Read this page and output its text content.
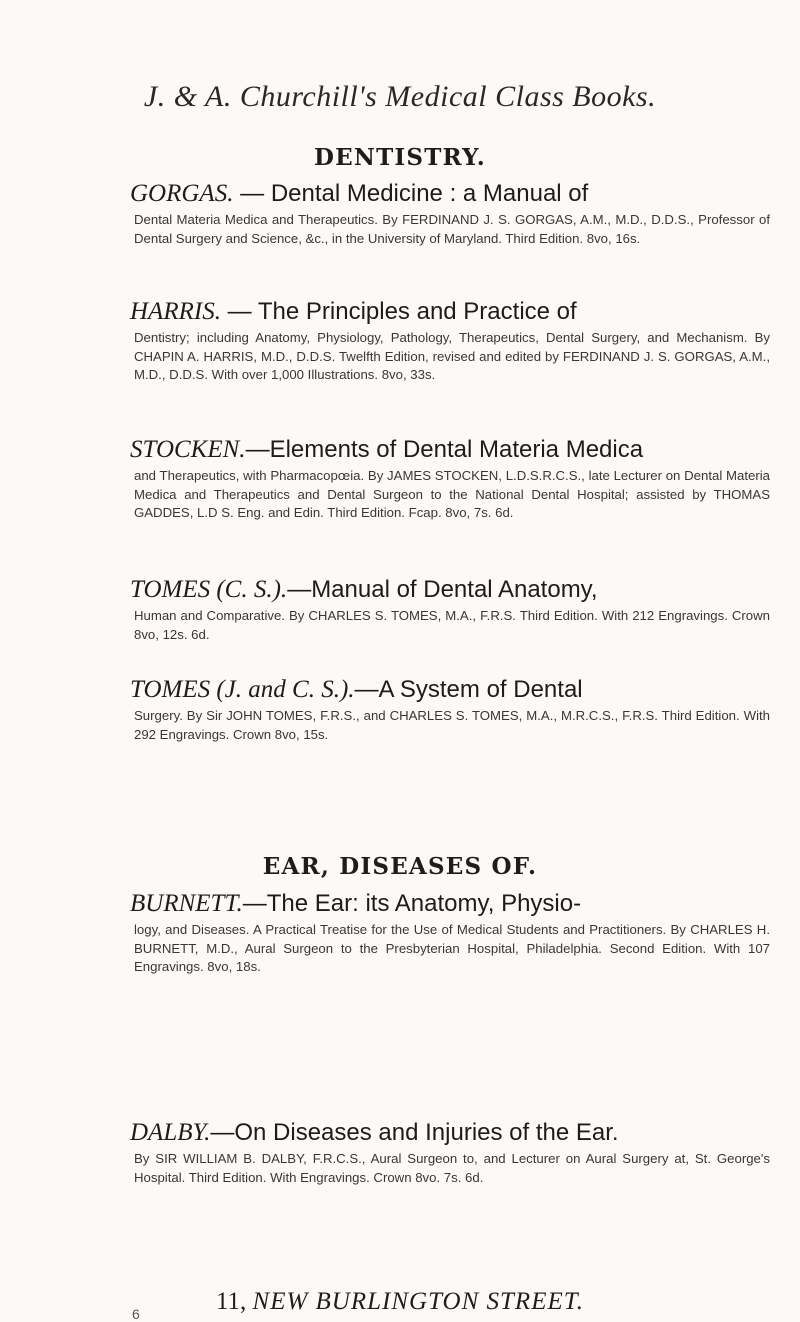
J. & A. Churchill's Medical Class Books.
DENTISTRY.
GORGAS. — Dental Medicine : a Manual of
Dental Materia Medica and Therapeutics. By FERDINAND J. S. GORGAS, A.M., M.D., D.D.S., Professor of Dental Surgery and Science, &c., in the University of Maryland. Third Edition. 8vo, 16s.
HARRIS. — The Principles and Practice of
Dentistry; including Anatomy, Physiology, Pathology, Therapeutics, Dental Surgery, and Mechanism. By CHAPIN A. HARRIS, M.D., D.D.S. Twelfth Edition, revised and edited by FERDINAND J. S. GORGAS, A.M., M.D., D.D.S. With over 1,000 Illustrations. 8vo, 33s.
STOCKEN.—Elements of Dental Materia Medica
and Therapeutics, with Pharmacopœia. By JAMES STOCKEN, L.D.S.R.C.S., late Lecturer on Dental Materia Medica and Therapeutics and Dental Surgeon to the National Dental Hospital; assisted by THOMAS GADDES, L.D S. Eng. and Edin. Third Edition. Fcap. 8vo, 7s. 6d.
TOMES (C. S.).—Manual of Dental Anatomy,
Human and Comparative. By CHARLES S. TOMES, M.A., F.R.S. Third Edition. With 212 Engravings. Crown 8vo, 12s. 6d.
TOMES (J. and C. S.).—A System of Dental
Surgery. By Sir JOHN TOMES, F.R.S., and CHARLES S. TOMES, M.A., M.R.C.S., F.R.S. Third Edition. With 292 Engravings. Crown 8vo, 15s.
EAR, DISEASES OF.
BURNETT.—The Ear: its Anatomy, Physio-
logy, and Diseases. A Practical Treatise for the Use of Medical Students and Practitioners. By CHARLES H. BURNETT, M.D., Aural Surgeon to the Presbyterian Hospital, Philadelphia. Second Edition. With 107 Engravings. 8vo, 18s.
DALBY.—On Diseases and Injuries of the Ear.
By SIR WILLIAM B. DALBY, F.R.C.S., Aural Surgeon to, and Lecturer on Aural Surgery at, St. George's Hospital. Third Edition. With Engravings. Crown 8vo. 7s. 6d.
11, NEW BURLINGTON STREET.
6
